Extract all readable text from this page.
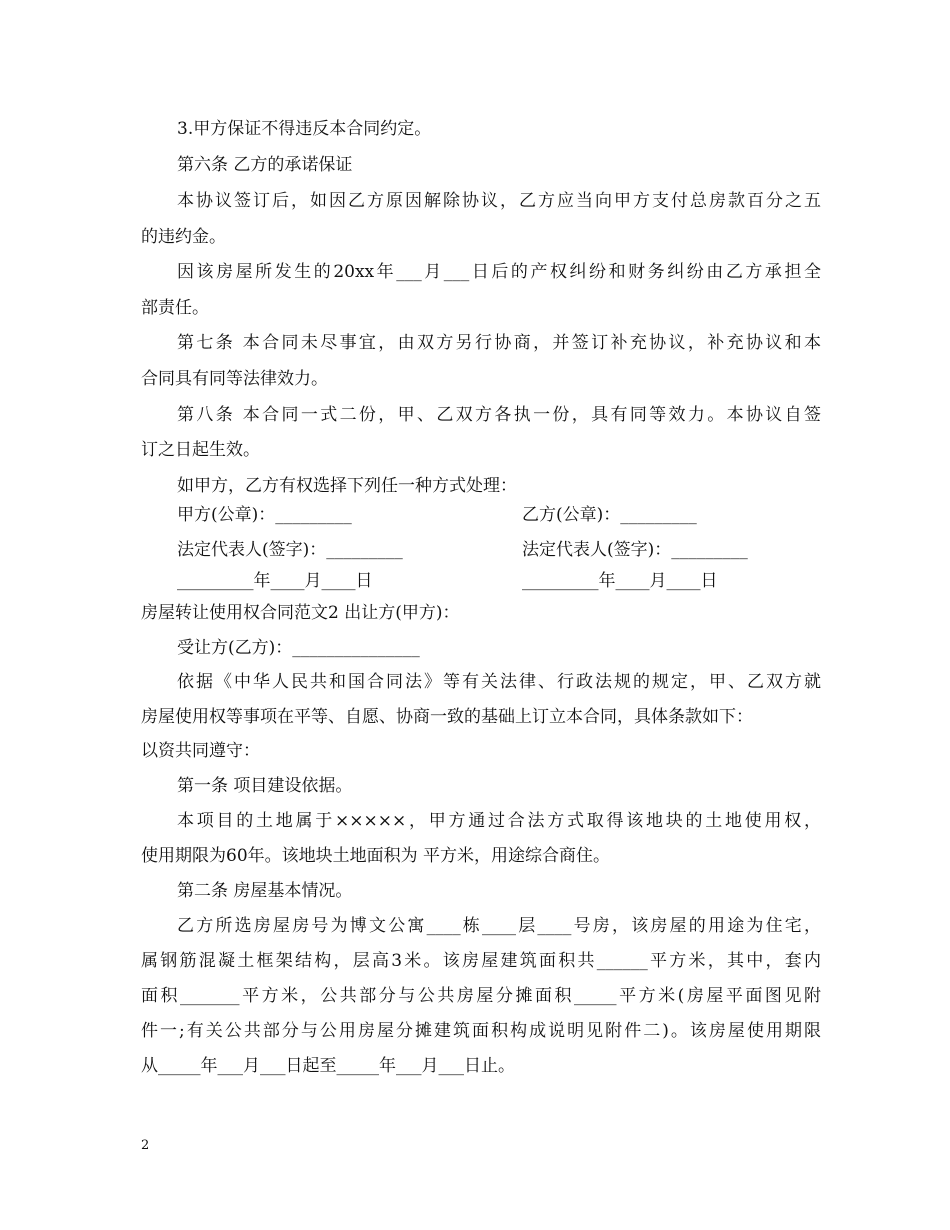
3.甲方保证不得违反本合同约定。
第六条 乙方的承诺保证
本协议签订后，如因乙方原因解除协议，乙方应当向甲方支付总房款百分之五
的违约金。
因该房屋所发生的20xx年___月___日后的产权纠纷和财务纠纷由乙方承担全
部责任。
第七条 本合同未尽事宜，由双方另行协商，并签订补充协议，补充协议和本
合同具有同等法律效力。
第八条 本合同一式二份，甲、乙双方各执一份，具有同等效力。本协议自签
订之日起生效。
如甲方，乙方有权选择下列任一种方式处理：
甲方(公章)：_________	乙方(公章)：_________
法定代表人(签字)：_________	法定代表人(签字)：_________
_________年____月____日	_________年____月____日
房屋转让使用权合同范文2 出让方(甲方)：
受让方(乙方)：_______________
依据《中华人民共和国合同法》等有关法律、行政法规的规定，甲、乙双方就
房屋使用权等事项在平等、自愿、协商一致的基础上订立本合同，具体条款如下：
以资共同遵守：
第一条 项目建设依据。
本项目的土地属于×××××，甲方通过合法方式取得该地块的土地使用权，
使用期限为60年。该地块土地面积为 平方米，用途综合商住。
第二条 房屋基本情况。
乙方所选房屋房号为博文公寓____栋____层____号房，该房屋的用途为住宅，
属钢筋混凝土框架结构，层高3米。该房屋建筑面积共______平方米，其中，套内
面积_______平方米，公共部分与公共房屋分摊面积_____平方米(房屋平面图见附
件一;有关公共部分与公用房屋分摊建筑面积构成说明见附件二)。该房屋使用期限
从_____年___月___日起至_____年___月___日止。
2
